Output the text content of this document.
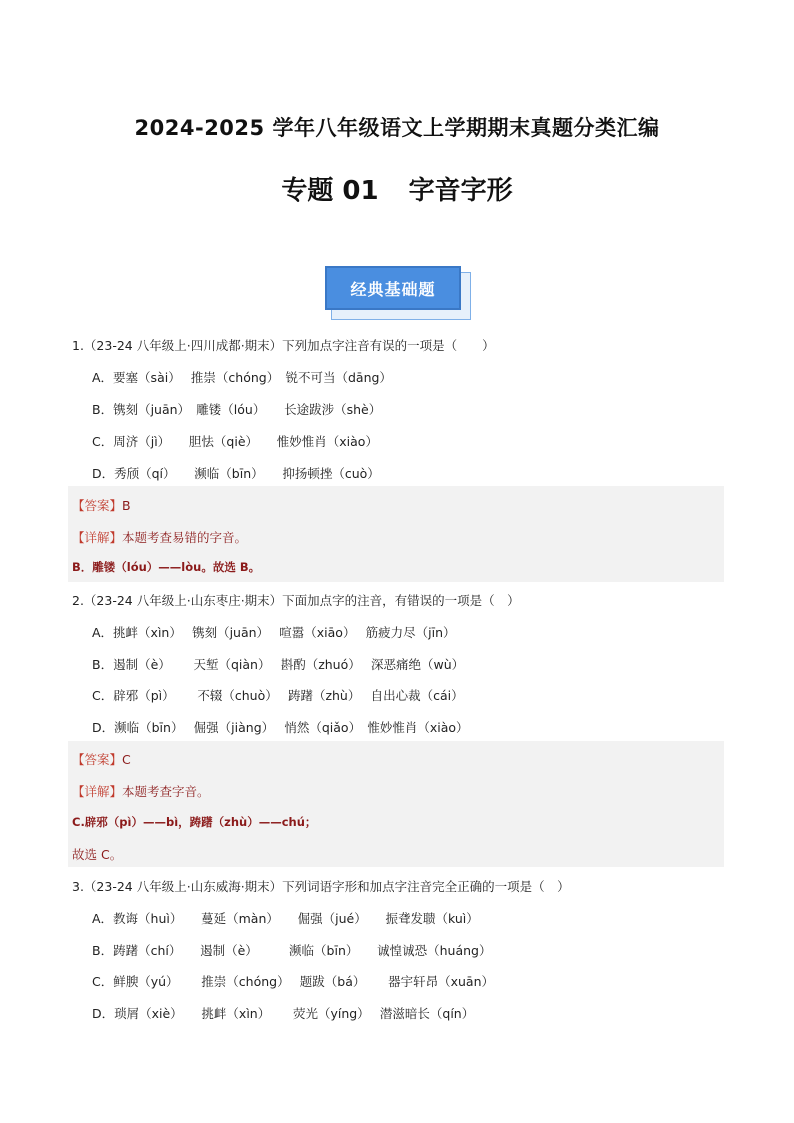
2024-2025 学年八年级语文上学期期末真题分类汇编
专题 01 字音字形
经典基础题
1.（23-24 八年级上·四川成都·期末）下列加点字注音有误的一项是（　　）
A．要塞（sài）　 推崇（chóng）　锐不可当（dāng）
B．镌刻（juān）　雕镂（lóu）　　长途跋涉（shè）
C．周济（jì）　　胆怯（qiè）　　惟妙惟肖（xiào）
D．秀颀（qí）　　濒临（bīn）　　抑扬顿挫（cuò）
【答案】B
【详解】本题考查易错的字音。
B．雕镂（lóu）——lòu。故选 B。
2.（23-24 八年级上·山东枣庄·期末）下面加点字的注音，有错误的一项是（　）
A．挑衅（xìn）　 镌刻（juān）　 喧嚣（xiāo）　 筋疲力尽（jīn）
B．遏制（è）　　 天堑（qiàn）　 斟酌（zhuó）　 深恶痛绝（wù）
C．辟邪（pì）　　 不辍（chuò）　 踌躇（zhù）　 自出心裁（cái）
D．濒临（bīn）　 倔强（jiàng）　 悄然（qiǎo）　惟妙惟肖（xiào）
【答案】C
【详解】本题考查字音。
C.辟邪（pì）——bì，踌躇（zhù）——chú；
故选 C。
3.（23-24 八年级上·山东威海·期末）下列词语字形和加点字注音完全正确的一项是（　）
A．教诲（huì）　　蔓延（màn）　　倔强（jué）　　振聋发聩（kuì）
B．踌躇（chí）　　遏制（è）　　　濒临（bīn）　　诚惶诚恐（huáng）
C．鲜腴（yú）　　 推崇（chóng）　 题跋（bá）　　 器宇轩昂（xuān）
D．琐屑（xiè）　　挑衅（xìn）　　 荧光（yíng）　 潜滋暗长（qín）
